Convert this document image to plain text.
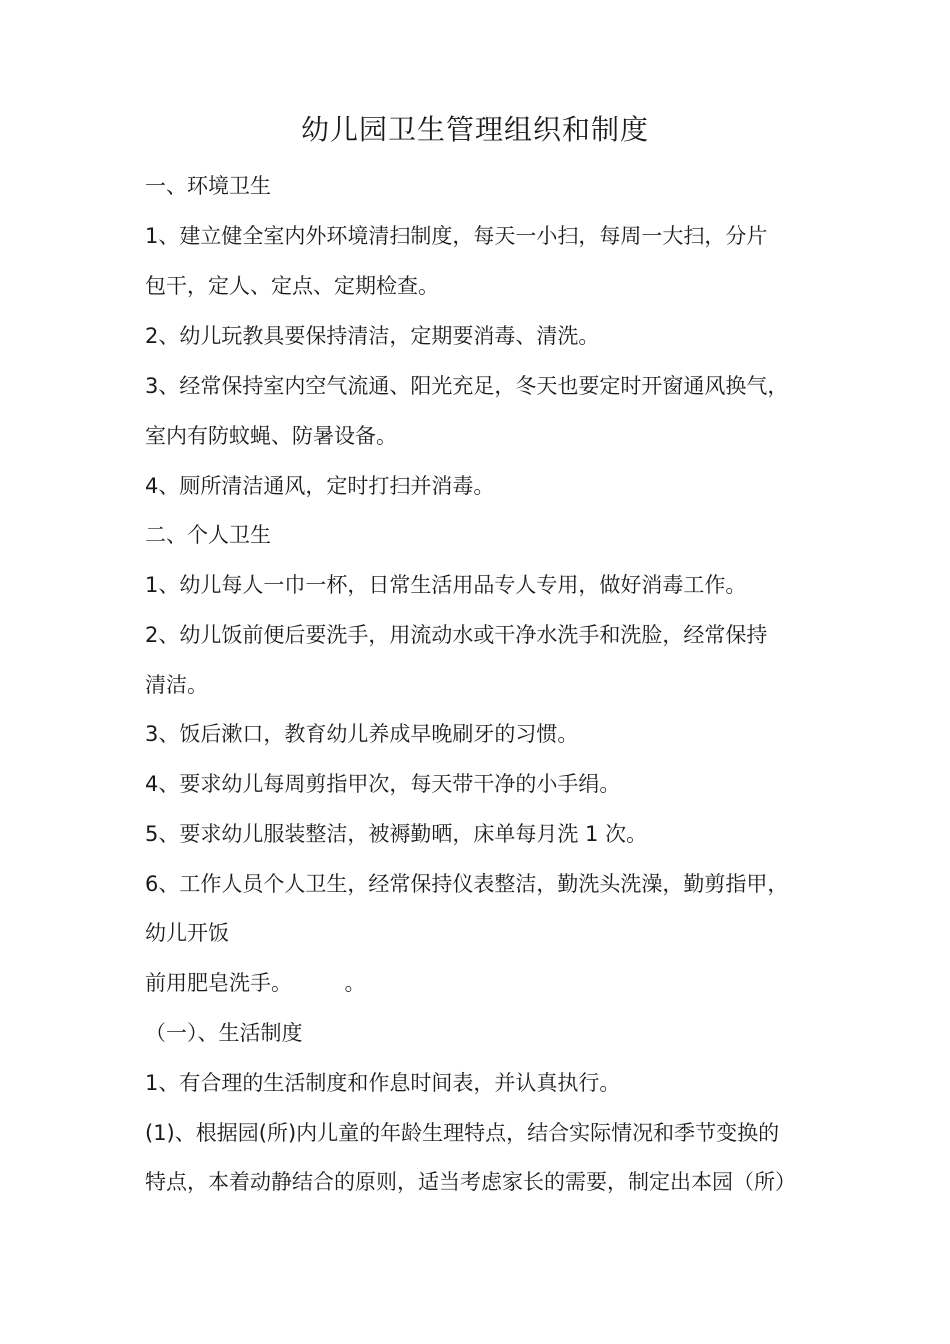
幼儿园卫生管理组织和制度
一、环境卫生
1、建立健全室内外环境清扫制度，每天一小扫，每周一大扫，分片
包干，定人、定点、定期检查。
2、幼儿玩教具要保持清洁，定期要消毒、清洗。
3、经常保持室内空气流通、阳光充足，冬天也要定时开窗通风换气，
室内有防蚊蝇、防暑设备。
4、厕所清洁通风，定时打扫并消毒。
二、个人卫生
1、幼儿每人一巾一杯，日常生活用品专人专用，做好消毒工作。
2、幼儿饭前便后要洗手，用流动水或干净水洗手和洗脸，经常保持
清洁。
3、饭后漱口，教育幼儿养成早晚刷牙的习惯。
4、要求幼儿每周剪指甲次，每天带干净的小手绢。
5、要求幼儿服装整洁，被褥勤晒，床单每月洗 1 次。
6、工作人员个人卫生，经常保持仪表整洁，勤洗头洗澡，勤剪指甲，
幼儿开饭
前用肥皂洗手。　　　。
（一）、生活制度
1、有合理的生活制度和作息时间表，并认真执行。
(1)、根据园(所)内儿童的年龄生理特点，结合实际情况和季节变换的
特点，本着动静结合的原则，适当考虑家长的需要，制定出本园（所）
